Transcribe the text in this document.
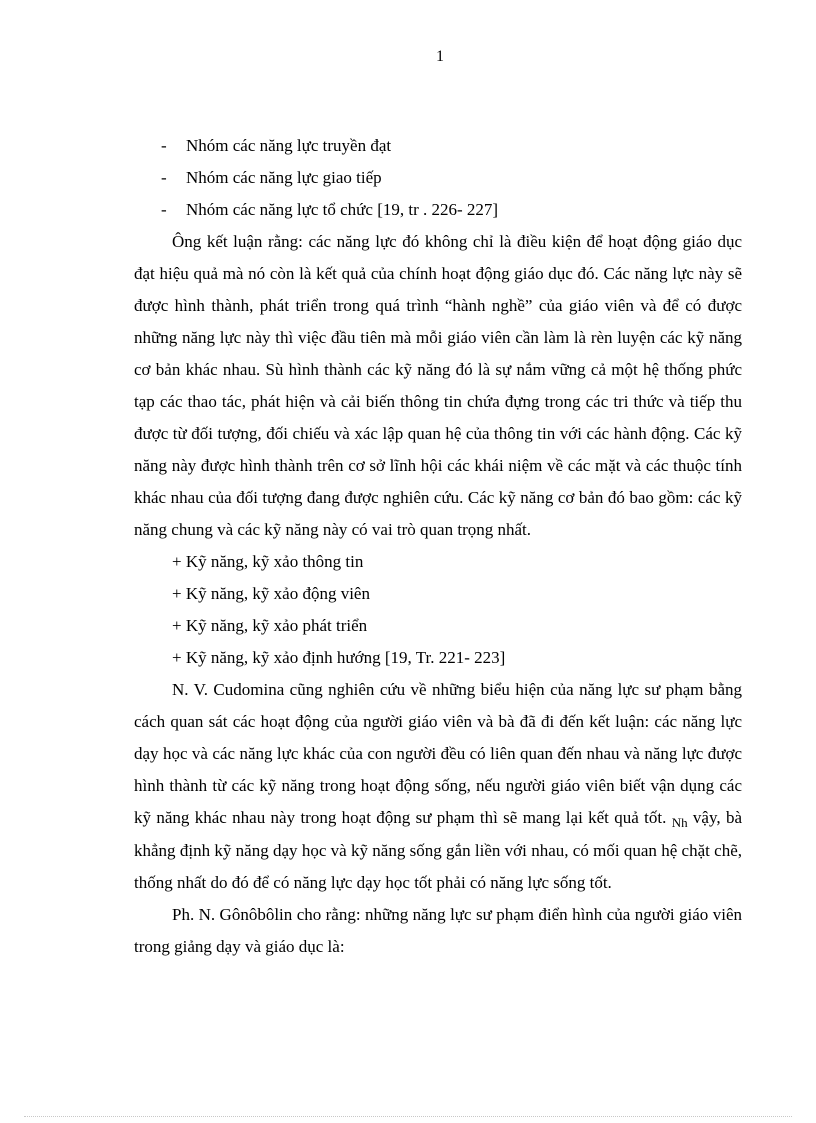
1
- Nhóm các năng lực truyền đạt
- Nhóm các năng lực giao tiếp
- Nhóm các năng lực tổ chức [19, tr . 226- 227]

Ông kết luận rằng: các năng lực đó không chỉ là điều kiện để hoạt động giáo dục đạt hiệu quả mà nó còn là kết quả của chính hoạt động giáo dục đó. Các năng lực này sẽ được hình thành, phát triển trong quá trình “hành nghề” của giáo viên và để có được những năng lực này thì việc đầu tiên mà mỗi giáo viên cần làm là rèn luyện các kỹ năng cơ bản khác nhau. Sù hình thành các kỹ năng đó là sự nắm vững cả một hệ thống phức tạp các thao tác, phát hiện và cải biến thông tin chứa đựng trong các tri thức và tiếp thu được từ đối tượng, đối chiếu và xác lập quan hệ của thông tin với các hành động. Các kỹ năng này được hình thành trên cơ sở lĩnh hội các khái niệm về các mặt và các thuộc tính khác nhau của đối tượng đang được nghiên cứu. Các kỹ năng cơ bản đó bao gồm: các kỹ năng chung và các kỹ năng này có vai trò quan trọng nhất.

+ Kỹ năng, kỹ xảo thông tin
+ Kỹ năng, kỹ xảo động viên
+ Kỹ năng, kỹ xảo phát triển
+ Kỹ năng, kỹ xảo định hướng [19, Tr. 221- 223]

N. V. Cudomina cũng nghiên cứu về những biểu hiện của năng lực sư phạm bằng cách quan sát các hoạt động của người giáo viên và bà đã đi đến kết luận: các năng lực dạy học và các năng lực khác của con người đều có liên quan đến nhau và năng lực được hình thành từ các kỹ năng trong hoạt động sống, nếu người giáo viên biết vận dụng các kỹ năng khác nhau này trong hoạt động sư phạm thì sẽ mang lại kết quả tốt. $_{Nh}$ vậy, bà khẳng định kỹ năng dạy học và kỹ năng sống gắn liền với nhau, có mối quan hệ chặt chẽ, thống nhất do đó để có năng lực dạy học tốt phải có năng lực sống tốt.

Ph. N. Gônôbôlin cho rằng: những năng lực sư phạm điển hình của người giáo viên trong giảng dạy và giáo dục là:
